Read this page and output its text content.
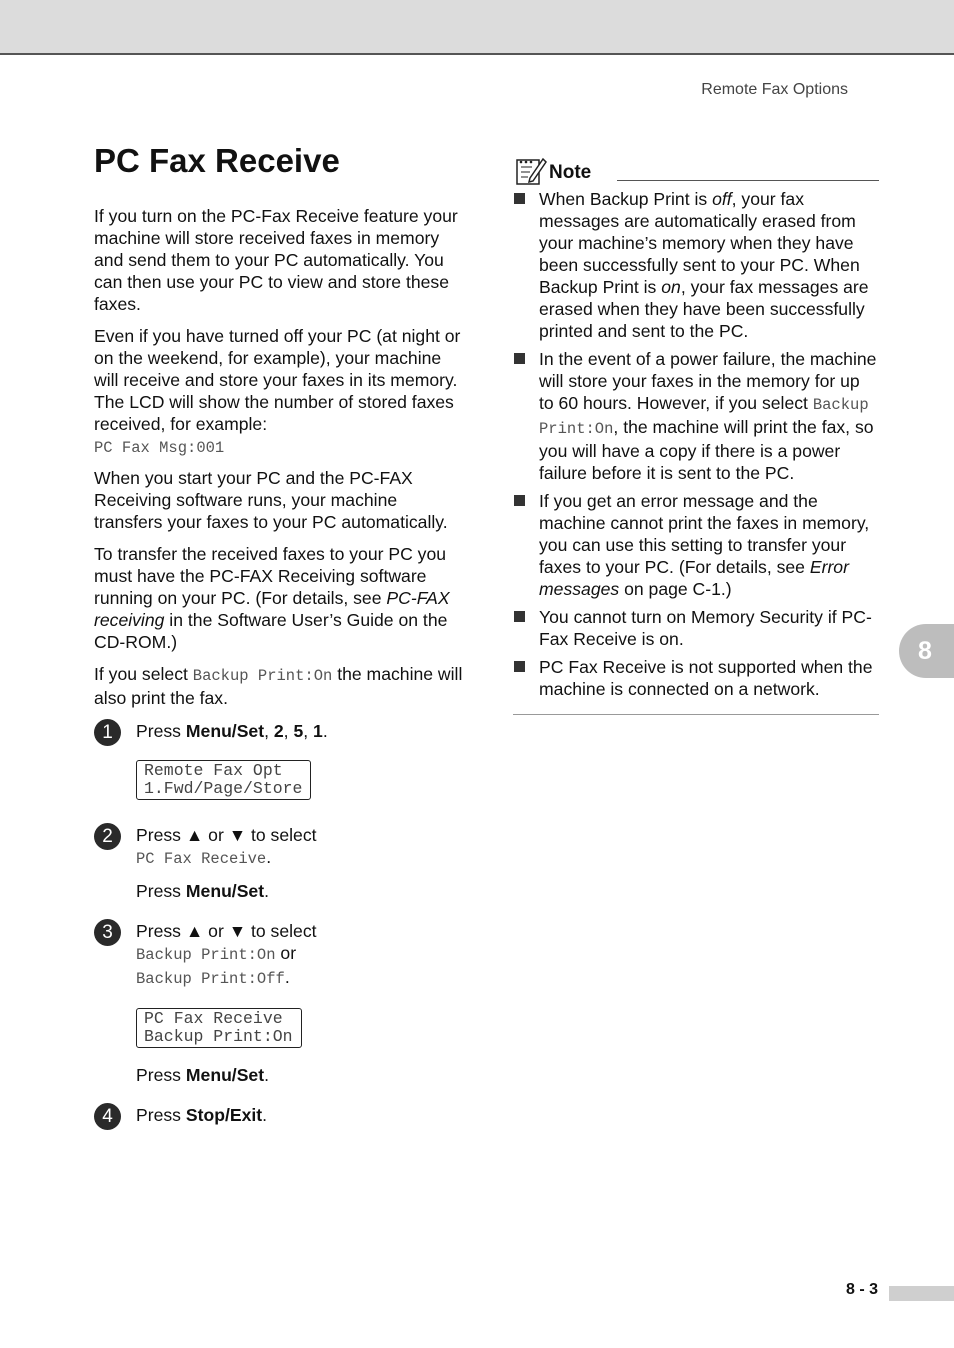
Remote Fax Options
PC Fax Receive

If you turn on the PC-Fax Receive feature your machine will store received faxes in memory and send them to your PC automatically. You can then use your PC to view and store these faxes.

Even if you have turned off your PC (at night or on the weekend, for example), your machine will receive and store your faxes in its memory. The LCD will show the number of stored faxes received, for example:

PC Fax Msg:001

When you start your PC and the PC-FAX Receiving software runs, your machine transfers your faxes to your PC automatically.

To transfer the received faxes to your PC you must have the PC-FAX Receiving software running on your PC. (For details, see PC-FAX receiving in the Software User’s Guide on the CD-ROM.)

If you select Backup Print:On the machine will also print the fax.

1	Press Menu/Set, 2, 5, 1.

Remote Fax Opt
1.Fwd/Page/Store
2	Press ▲ or ▼ to select

PC Fax Receive.

Press Menu/Set.

3	Press ▲ or ▼ to select

Backup Print:On or

Backup Print:Off.

PC Fax Receive
Backup Print:On

Press Menu/Set.

4	Press Stop/Exit.

Note
When Backup Print is off, your fax messages are automatically erased from your machine’s memory when they have been successfully sent to your PC. When Backup Print is on, your fax messages are erased when they have been successfully printed and sent to the PC.
In the event of a power failure, the machine will store your faxes in the memory for up to 60 hours. However, if you select Backup Print:On, the machine will print the fax, so you will have a copy if there is a power failure before it is sent to the PC.
If you get an error message and the machine cannot print the faxes in memory, you can use this setting to transfer your faxes to your PC. (For details, see Error messages on page C-1.)
You cannot turn on Memory Security if PC-Fax Receive is on.
PC Fax Receive is not supported when the machine is connected on a network.
8
8 - 3
